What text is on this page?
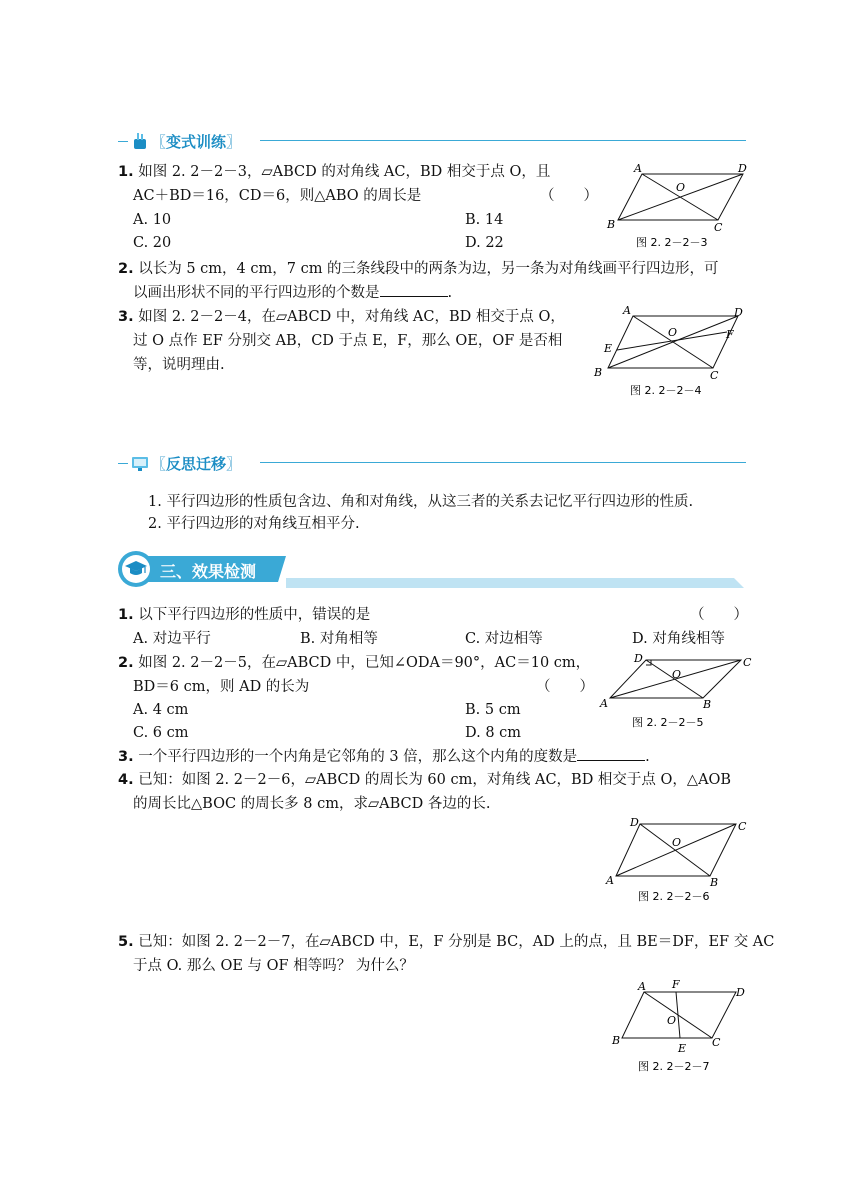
〖 变式训练 〗
1. 如图 2. 2－2－3，▱ABCD 的对角线 AC，BD 相交于点 O，且
AC＋BD＝16，CD＝6，则△ABO 的周长是	（　　）
A. 10	B. 14
C. 20	D. 22
A	D
B	C
O
图 2. 2－2－3
2. 以长为 5 cm，4 cm，7 cm 的三条线段中的两条为边，另一条为对角线画平行四边形，可
以画出形状不同的平行四边形的个数是	.
3. 如图 2. 2－2－4，在▱ABCD 中，对角线 AC，BD 相交于点 O，
过 O 点作 EF 分别交 AB，CD 于点 E，F，那么 OE，OF 是否相
等，说明理由.
A	D
F
E
B	C
O
图 2. 2－2－4
〖 反思迁移 〗
1. 平行四边形的性质包含边、角和对角线，从这三者的关系去记忆平行四边形的性质.
2. 平行四边形的对角线互相平分.
三、效果检测
1. 以下平行四边形的性质中，错误的是	（　　）
A. 对边平行	B. 对角相等	C. 对边相等	D. 对角线相等
2. 如图 2. 2－2－5，在▱ABCD 中，已知∠ODA＝90°，AC＝10 cm，
BD＝6 cm，则 AD 的长为	（　　）
A. 4 cm	B. 5 cm
C. 6 cm	D. 8 cm
D	C
A	B
O
图 2. 2－2－5
3. 一个平行四边形的一个内角是它邻角的 3 倍，那么这个内角的度数是	.
4. 已知：如图 2. 2－2－6，▱ABCD 的周长为 60 cm，对角线 AC，BD 相交于点 O，△AOB
的周长比△BOC 的周长多 8 cm，求▱ABCD 各边的长.
D	C
A	B
O
图 2. 2－2－6
5. 已知：如图 2. 2－2－7，在▱ABCD 中，E，F 分别是 BC，AD 上的点，且 BE＝DF，EF 交 AC
于点 O. 那么 OE 与 OF 相等吗？ 为什么？
A F
D
O
B
E C
图 2. 2－2－7
